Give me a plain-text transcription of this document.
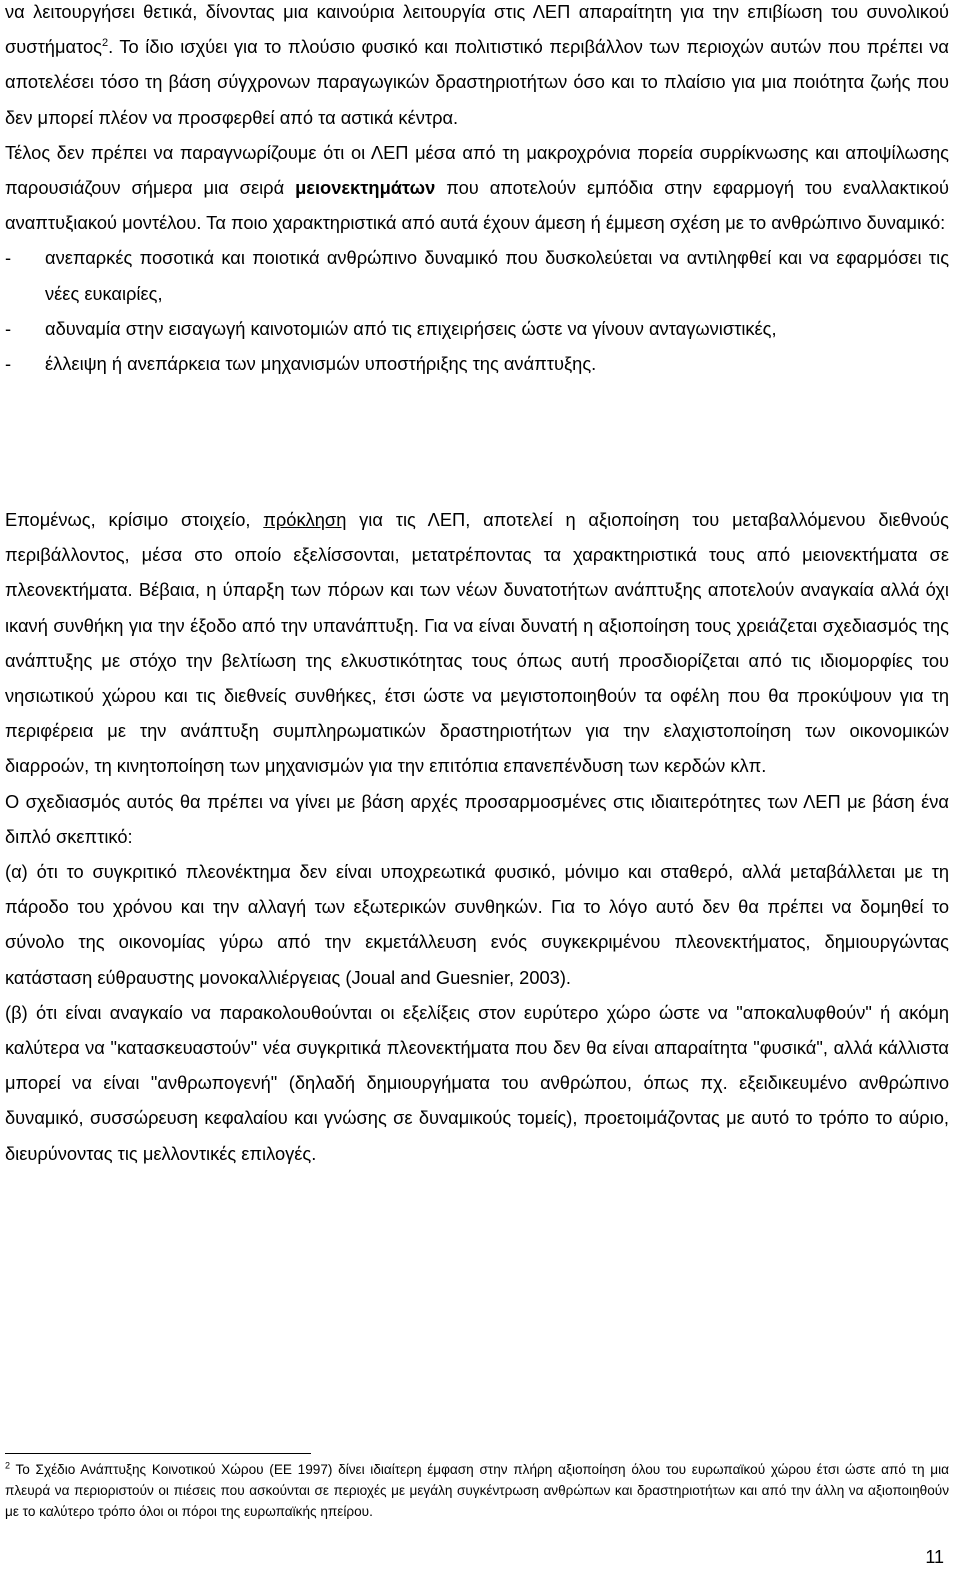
να λειτουργήσει θετικά, δίνοντας μια καινούρια λειτουργία στις ΛΕΠ απαραίτητη για την επιβίωση του συνολικού συστήματος$^2$. Το ίδιο ισχύει για το πλούσιο φυσικό και πολιτιστικό περιβάλλον των περιοχών αυτών που πρέπει να αποτελέσει τόσο τη βάση σύγχρονων παραγωγικών δραστηριοτήτων όσο και το πλαίσιο για μια ποιότητα ζωής που δεν μπορεί πλέον να προσφερθεί από τα αστικά κέντρα.

Τέλος δεν πρέπει να παραγνωρίζουμε ότι οι ΛΕΠ μέσα από τη μακροχρόνια πορεία συρρίκνωσης και αποψίλωσης παρουσιάζουν σήμερα μια σειρά μειονεκτημάτων που αποτελούν εμπόδια στην εφαρμογή του εναλλακτικού αναπτυξιακού μοντέλου. Τα ποιο χαρακτηριστικά από αυτά έχουν άμεση ή έμμεση σχέση με το ανθρώπινο δυναμικό:

-	ανεπαρκές ποσοτικά και ποιοτικά ανθρώπινο δυναμικό που δυσκολεύεται να αντιληφθεί και να εφαρμόσει τις νέες ευκαιρίες,
-	αδυναμία στην εισαγωγή καινοτομιών από τις επιχειρήσεις ώστε να γίνουν ανταγωνιστικές,
-	έλλειψη ή ανεπάρκεια των μηχανισμών υποστήριξης της ανάπτυξης.

Επομένως, κρίσιμο στοιχείο, πρόκληση για τις ΛΕΠ, αποτελεί η αξιοποίηση του μεταβαλλόμενου διεθνούς περιβάλλοντος, μέσα στο οποίο εξελίσσονται, μετατρέποντας τα χαρακτηριστικά τους από μειονεκτήματα σε πλεονεκτήματα. Βέβαια, η ύπαρξη των πόρων και των νέων δυνατοτήτων ανάπτυξης αποτελούν αναγκαία αλλά όχι ικανή συνθήκη για την έξοδο από την υπανάπτυξη. Για να είναι δυνατή η αξιοποίηση τους χρειάζεται σχεδιασμός της ανάπτυξης με στόχο την βελτίωση της ελκυστικότητας τους όπως αυτή προσδιορίζεται από τις ιδιομορφίες του νησιωτικού χώρου και τις διεθνείς συνθήκες, έτσι ώστε να μεγιστοποιηθούν τα οφέλη που θα προκύψουν για τη περιφέρεια με την ανάπτυξη συμπληρωματικών δραστηριοτήτων για την ελαχιστοποίηση των οικονομικών διαρροών, τη κινητοποίηση των μηχανισμών για την επιτόπια επανεπένδυση των κερδών κλπ.

Ο σχεδιασμός αυτός θα πρέπει να γίνει με βάση αρχές προσαρμοσμένες στις ιδιαιτερότητες των ΛΕΠ με βάση ένα διπλό σκεπτικό:

(α) ότι το συγκριτικό πλεονέκτημα δεν είναι υποχρεωτικά φυσικό, μόνιμο και σταθερό, αλλά μεταβάλλεται με τη πάροδο του χρόνου και την αλλαγή των εξωτερικών συνθηκών. Για το λόγο αυτό δεν θα πρέπει να δομηθεί το σύνολο της οικονομίας γύρω από την εκμετάλλευση ενός συγκεκριμένου πλεονεκτήματος, δημιουργώντας κατάσταση εύθραυστης μονοκαλλιέργειας (Joual and Guesnier, 2003).

(β) ότι είναι αναγκαίο να παρακολουθούνται οι εξελίξεις στον ευρύτερο χώρο ώστε να "αποκαλυφθούν" ή ακόμη καλύτερα να "κατασκευαστούν" νέα συγκριτικά πλεονεκτήματα που δεν θα είναι απαραίτητα "φυσικά", αλλά κάλλιστα μπορεί να είναι "ανθρωπογενή" (δηλαδή δημιουργήματα του ανθρώπου, όπως πχ. εξειδικευμένο ανθρώπινο δυναμικό, συσσώρευση κεφαλαίου και γνώσης σε δυναμικούς τομείς), προετοιμάζοντας με αυτό το τρόπο το αύριο, διευρύνοντας τις μελλοντικές επιλογές.

$^2$ Το Σχέδιο Ανάπτυξης Κοινοτικού Χώρου (ΕΕ 1997) δίνει ιδιαίτερη έμφαση στην πλήρη αξιοποίηση όλου του ευρωπαϊκού χώρου έτσι ώστε από τη μια πλευρά να περιοριστούν οι πιέσεις που ασκούνται σε περιοχές με μεγάλη συγκέντρωση ανθρώπων και δραστηριοτήτων και από την άλλη να αξιοποιηθούν με το καλύτερο τρόπο όλοι οι πόροι της ευρωπαϊκής ηπείρου.

11
